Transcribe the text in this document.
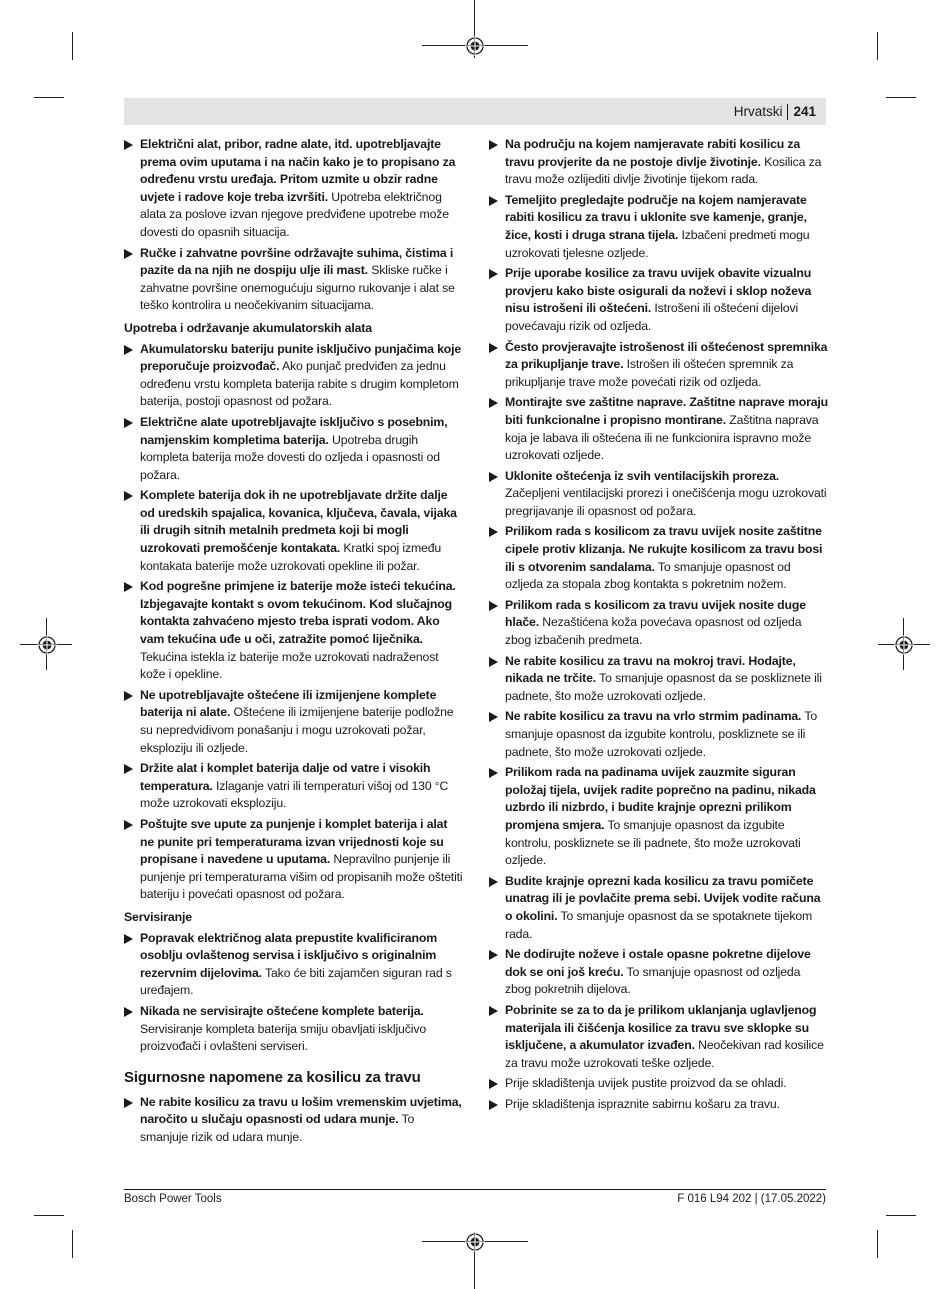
Hrvatski 241
Električni alat, pribor, radne alate, itd. upotrebljavajte prema ovim uputama i na način kako je to propisano za određenu vrstu uređaja. Pritom uzmite u obzir radne uvjete i radove koje treba izvršiti. Upotreba električnog alata za poslove izvan njegove predviđene upotrebe može dovesti do opasnih situacija.
Ručke i zahvatne površine održavajte suhima, čistima i pazite da na njih ne dospiju ulje ili mast. Skliske ručke i zahvatne površine onemogućuju sigurno rukovanje i alat se teško kontrolira u neočekivanim situacijama.
Upotreba i održavanje akumulatorskih alata
Akumulatorsku bateriju punite isključivo punjačima koje preporučuje proizvođač. Ako punjač predviđen za jednu određenu vrstu kompleta baterija rabite s drugim kompletom baterija, postoji opasnost od požara.
Električne alate upotrebljavajte isključivo s posebnim, namjenskim kompletima baterija. Upotreba drugih kompleta baterija može dovesti do ozljeda i opasnosti od požara.
Komplete baterija dok ih ne upotrebljavate držite dalje od uredskih spajalica, kovanica, ključeva, čavala, vijaka ili drugih sitnih metalnih predmeta koji bi mogli uzrokovati premošćenje kontakata. Kratki spoj između kontakata baterije može uzrokovati opekline ili požar.
Kod pogrešne primjene iz baterije može isteći tekućina. Izbjegavajte kontakt s ovom tekućinom. Kod slučajnog kontakta zahvaćeno mjesto treba isprati vodom. Ako vam tekućina uđe u oči, zatražite pomoć liječnika. Tekućina istekla iz baterije može uzrokovati nadraženost kože i opekline.
Ne upotrebljavajte oštećene ili izmijenjene komplete baterija ni alate. Oštećene ili izmijenjene baterije podložne su nepredvidivom ponašanju i mogu uzrokovati požar, eksploziju ili ozljede.
Držite alat i komplet baterija dalje od vatre i visokih temperatura. Izlaganje vatri ili temperaturi višoj od 130 °C može uzrokovati eksploziju.
Poštujte sve upute za punjenje i komplet baterija i alat ne punite pri temperaturama izvan vrijednosti koje su propisane i navedene u uputama. Nepravilno punjenje ili punjenje pri temperaturama višim od propisanih može oštetiti bateriju i povećati opasnost od požara.
Servisiranje
Popravak električnog alata prepustite kvalificiranom osoblju ovlaštenog servisa i isključivo s originalnim rezervnim dijelovima. Tako će biti zajamčen siguran rad s uređajem.
Nikada ne servisirajte oštećene komplete baterija. Servisiranje kompleta baterija smiju obavljati isključivo proizvođači i ovlašteni serviseri.
Sigurnosne napomene za kosilicu za travu
Ne rabite kosilicu za travu u lošim vremenskim uvjetima, naročito u slučaju opasnosti od udara munje. To smanjuje rizik od udara munje.
Na području na kojem namjeravate rabiti kosilicu za travu provjerite da ne postoje divlje životinje. Kosilica za travu može ozlijediti divlje životinje tijekom rada.
Temeljito pregledajte područje na kojem namjeravate rabiti kosilicu za travu i uklonite sve kamenje, granje, žice, kosti i druga strana tijela. Izbačeni predmeti mogu uzrokovati tjelesne ozljede.
Prije uporabe kosilice za travu uvijek obavite vizualnu provjeru kako biste osigurali da noževi i sklop noževa nisu istrošeni ili oštećeni. Istrošeni ili oštećeni dijelovi povećavaju rizik od ozljeda.
Često provjeravajte istrošenost ili oštećenost spremnika za prikupljanje trave. Istrošen ili oštećen spremnik za prikupljanje trave može povećati rizik od ozljeda.
Montirajte sve zaštitne naprave. Zaštitne naprave moraju biti funkcionalne i propisno montirane. Zaštitna naprava koja je labava ili oštećena ili ne funkcionira ispravno može uzrokovati ozljede.
Uklonite oštećenja iz svih ventilacijskih proreza. Začepljeni ventilacijski prorezi i onečišćenja mogu uzrokovati pregrijavanje ili opasnost od požara.
Prilikom rada s kosilicom za travu uvijek nosite zaštitne cipele protiv klizanja. Ne rukujte kosilicom za travu bosi ili s otvorenim sandalama. To smanjuje opasnost od ozljeda za stopala zbog kontakta s pokretnim nožem.
Prilikom rada s kosilicom za travu uvijek nosite duge hlače. Nezaštićena koža povećava opasnost od ozljeda zbog izbačenih predmeta.
Ne rabite kosilicu za travu na mokroj travi. Hodajte, nikada ne trčite. To smanjuje opasnost da se poskliznete ili padnete, što može uzrokovati ozljede.
Ne rabite kosilicu za travu na vrlo strmim padinama. To smanjuje opasnost da izgubite kontrolu, poskliznete se ili padnete, što može uzrokovati ozljede.
Prilikom rada na padinama uvijek zauzmite siguran položaj tijela, uvijek radite poprečno na padinu, nikada uzbrdo ili nizbrdo, i budite krajnje oprezni prilikom promjena smjera. To smanjuje opasnost da izgubite kontrolu, poskliznete se ili padnete, što može uzrokovati ozljede.
Budite krajnje oprezni kada kosilicu za travu pomičete unatrag ili je povlačite prema sebi. Uvijek vodite računa o okolini. To smanjuje opasnost da se spotaknete tijekom rada.
Ne dodirujte noževe i ostale opasne pokretne dijelove dok se oni još kreću. To smanjuje opasnost od ozljeda zbog pokretnih dijelova.
Pobrinite se za to da je prilikom uklanjanja uglavljenog materijala ili čišćenja kosilice za travu sve sklopke su isključene, a akumulator izvađen. Neočekivan rad kosilice za travu može uzrokovati teške ozljede.
Prije skladištenja uvijek pustite proizvod da se ohladi.
Prije skladištenja ispraznite sabirnu košaru za travu.
Bosch Power Tools	F 016 L94 202 | (17.05.2022)
